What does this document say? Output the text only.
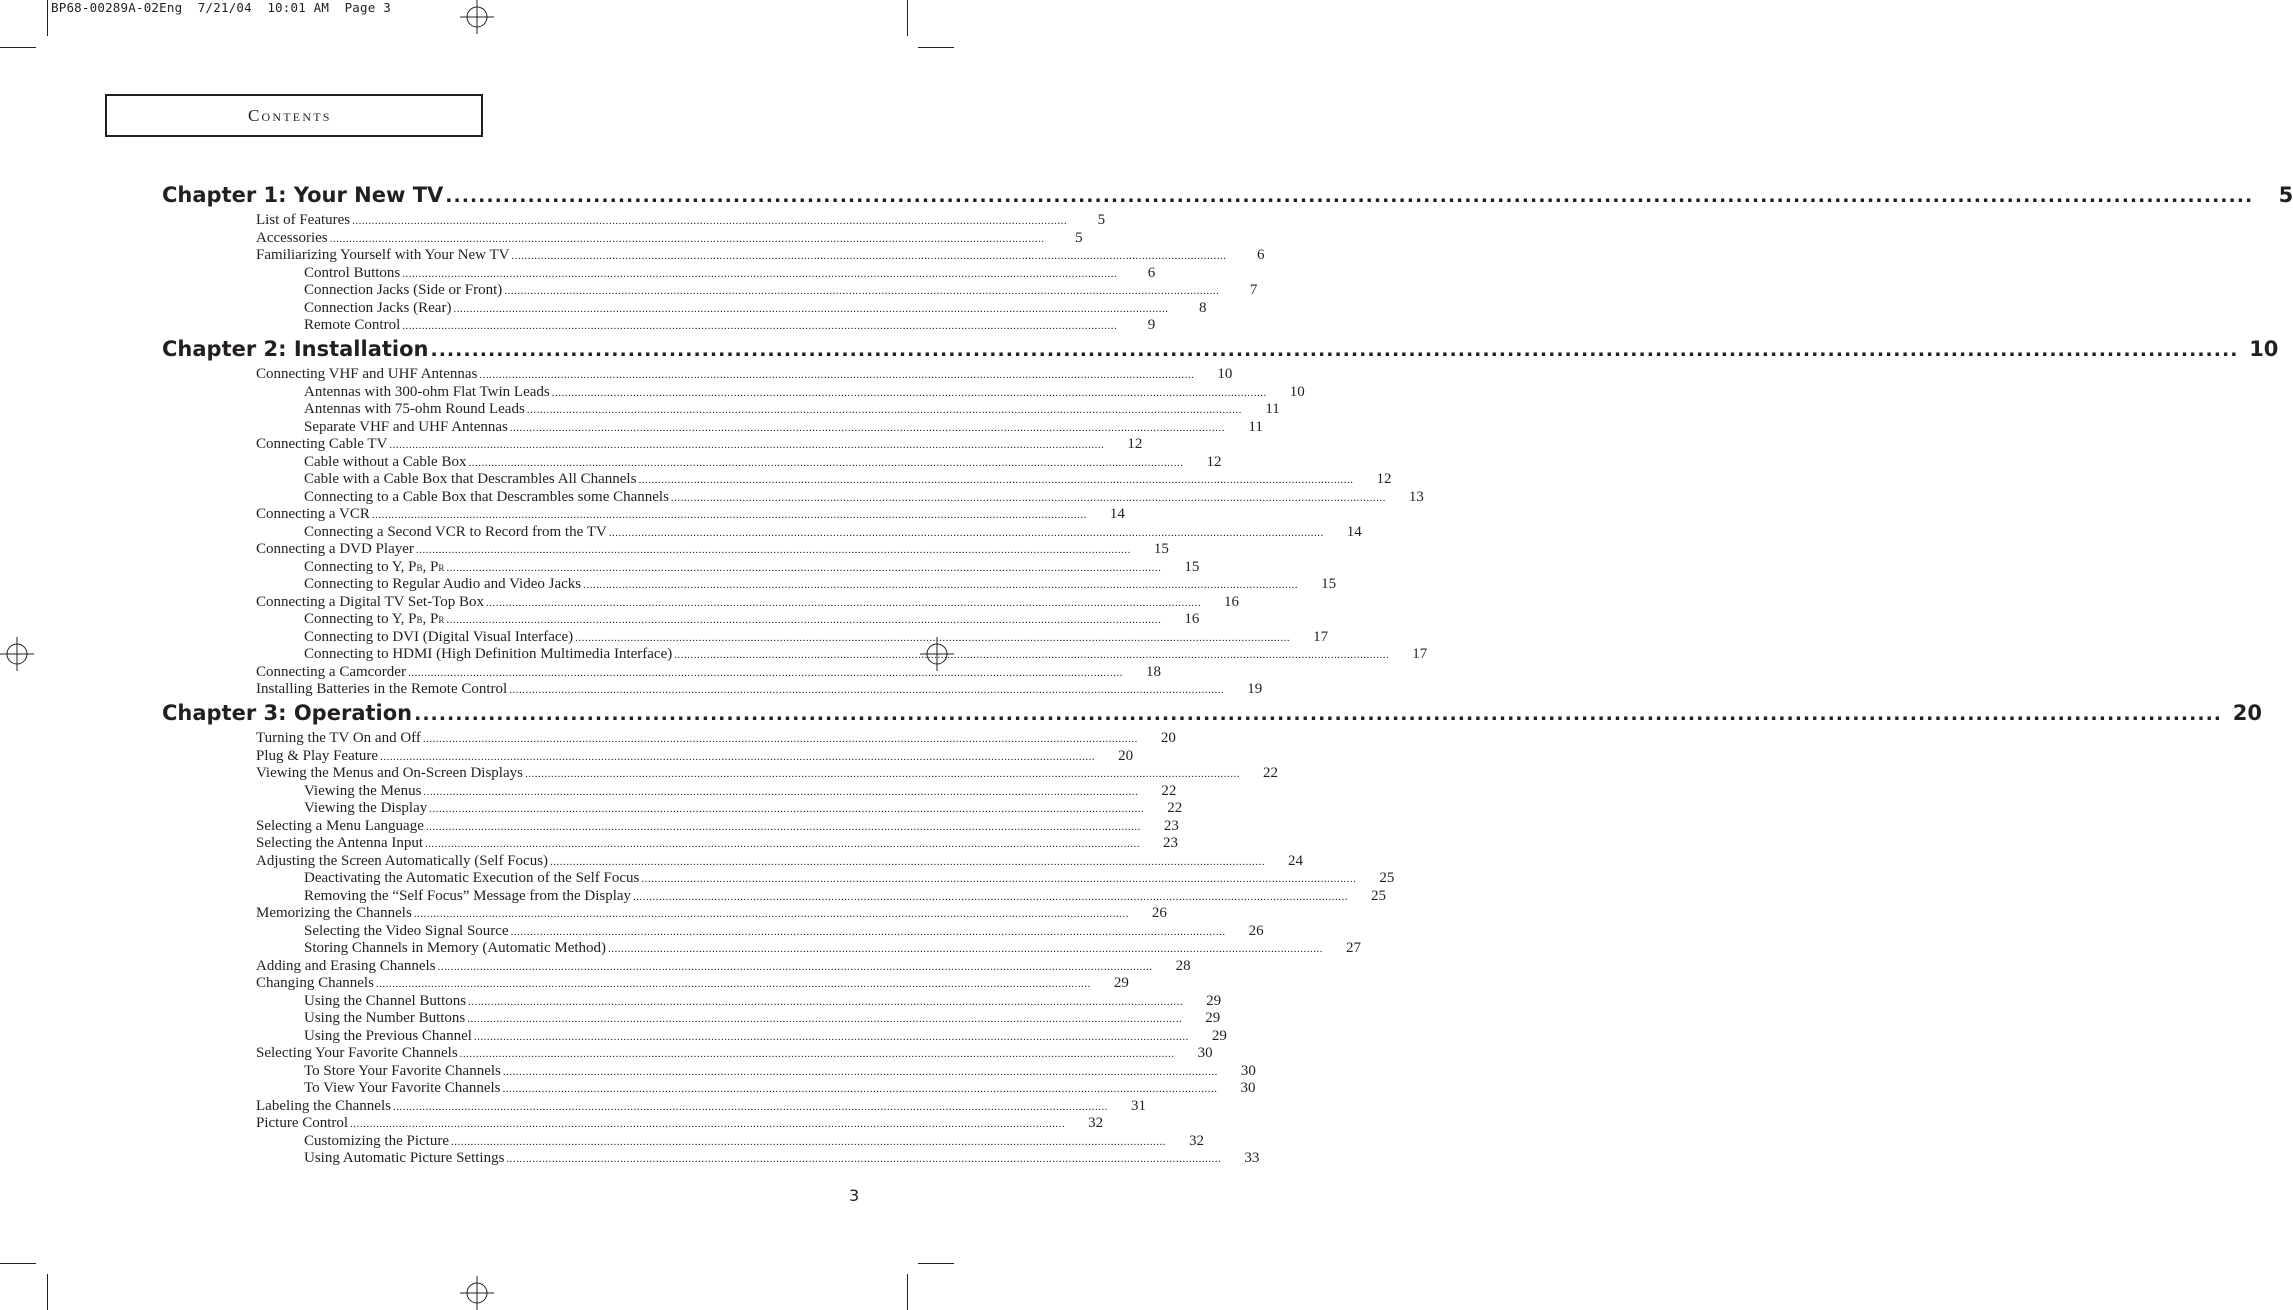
BP68-00289A-02Eng  7/21/04  10:01 AM  Page 3
Contents
Chapter 1: Your New TV ............................................................................................................................................................................................................................	5
List of Features ............................................................................................................................................................................................................................	5
Accessories ............................................................................................................................................................................................................................	5
Familiarizing Yourself with Your New TV ............................................................................................................................................................................................................................	6
Control Buttons ............................................................................................................................................................................................................................	6
Connection Jacks (Side or Front) ............................................................................................................................................................................................................................	7
Connection Jacks (Rear) ............................................................................................................................................................................................................................	8
Remote Control ............................................................................................................................................................................................................................	9
Chapter 2: Installation ............................................................................................................................................................................................................................ 10
Connecting VHF and UHF Antennas ............................................................................................................................................................................................................................	10
Antennas with 300-ohm Flat Twin Leads ............................................................................................................................................................................................................................	10
Antennas with 75-ohm Round Leads ............................................................................................................................................................................................................................	11
Separate VHF and UHF Antennas ............................................................................................................................................................................................................................	11
Connecting Cable TV ............................................................................................................................................................................................................................	12
Cable without a Cable Box ............................................................................................................................................................................................................................	12
Cable with a Cable Box that Descrambles All Channels ............................................................................................................................................................................................................................	12
Connecting to a Cable Box that Descrambles some Channels ............................................................................................................................................................................................................................	13
Connecting a VCR ............................................................................................................................................................................................................................	14
Connecting a Second VCR to Record from the TV ............................................................................................................................................................................................................................	14
Connecting a DVD Player ............................................................................................................................................................................................................................	15
Connecting to Y, PB, PR ............................................................................................................................................................................................................................	15
Connecting to Regular Audio and Video Jacks ............................................................................................................................................................................................................................	15
Connecting a Digital TV Set-Top Box ............................................................................................................................................................................................................................	16
Connecting to Y, PB, PR ............................................................................................................................................................................................................................	16
Connecting to DVI (Digital Visual Interface) ............................................................................................................................................................................................................................	17
Connecting to HDMI (High Definition Multimedia Interface) ............................................................................................................................................................................................................................	17
Connecting a Camcorder ............................................................................................................................................................................................................................	18
Installing Batteries in the Remote Control ............................................................................................................................................................................................................................	19
Chapter 3: Operation ............................................................................................................................................................................................................................ 20
Turning the TV On and Off ............................................................................................................................................................................................................................	20
Plug & Play Feature ............................................................................................................................................................................................................................	20
Viewing the Menus and On-Screen Displays ............................................................................................................................................................................................................................	22
Viewing the Menus ............................................................................................................................................................................................................................	22
Viewing the Display ............................................................................................................................................................................................................................	22
Selecting a Menu Language ............................................................................................................................................................................................................................	23
Selecting the Antenna Input ............................................................................................................................................................................................................................	23
Adjusting the Screen Automatically (Self Focus) ............................................................................................................................................................................................................................	24
Deactivating the Automatic Execution of the Self Focus ............................................................................................................................................................................................................................	25
Removing the “Self Focus” Message from the Display ............................................................................................................................................................................................................................	25
Memorizing the Channels ............................................................................................................................................................................................................................	26
Selecting the Video Signal Source ............................................................................................................................................................................................................................	26
Storing Channels in Memory (Automatic Method) ............................................................................................................................................................................................................................	27
Adding and Erasing Channels ............................................................................................................................................................................................................................	28
Changing Channels ............................................................................................................................................................................................................................	29
Using the Channel Buttons ............................................................................................................................................................................................................................	29
Using the Number Buttons ............................................................................................................................................................................................................................	29
Using the Previous Channel ............................................................................................................................................................................................................................	29
Selecting Your Favorite Channels ............................................................................................................................................................................................................................	30
To Store Your Favorite Channels ............................................................................................................................................................................................................................	30
To View Your Favorite Channels ............................................................................................................................................................................................................................	30
Labeling the Channels ............................................................................................................................................................................................................................	31
Picture Control ............................................................................................................................................................................................................................	32
Customizing the Picture ............................................................................................................................................................................................................................	32
Using Automatic Picture Settings ............................................................................................................................................................................................................................	33
3
